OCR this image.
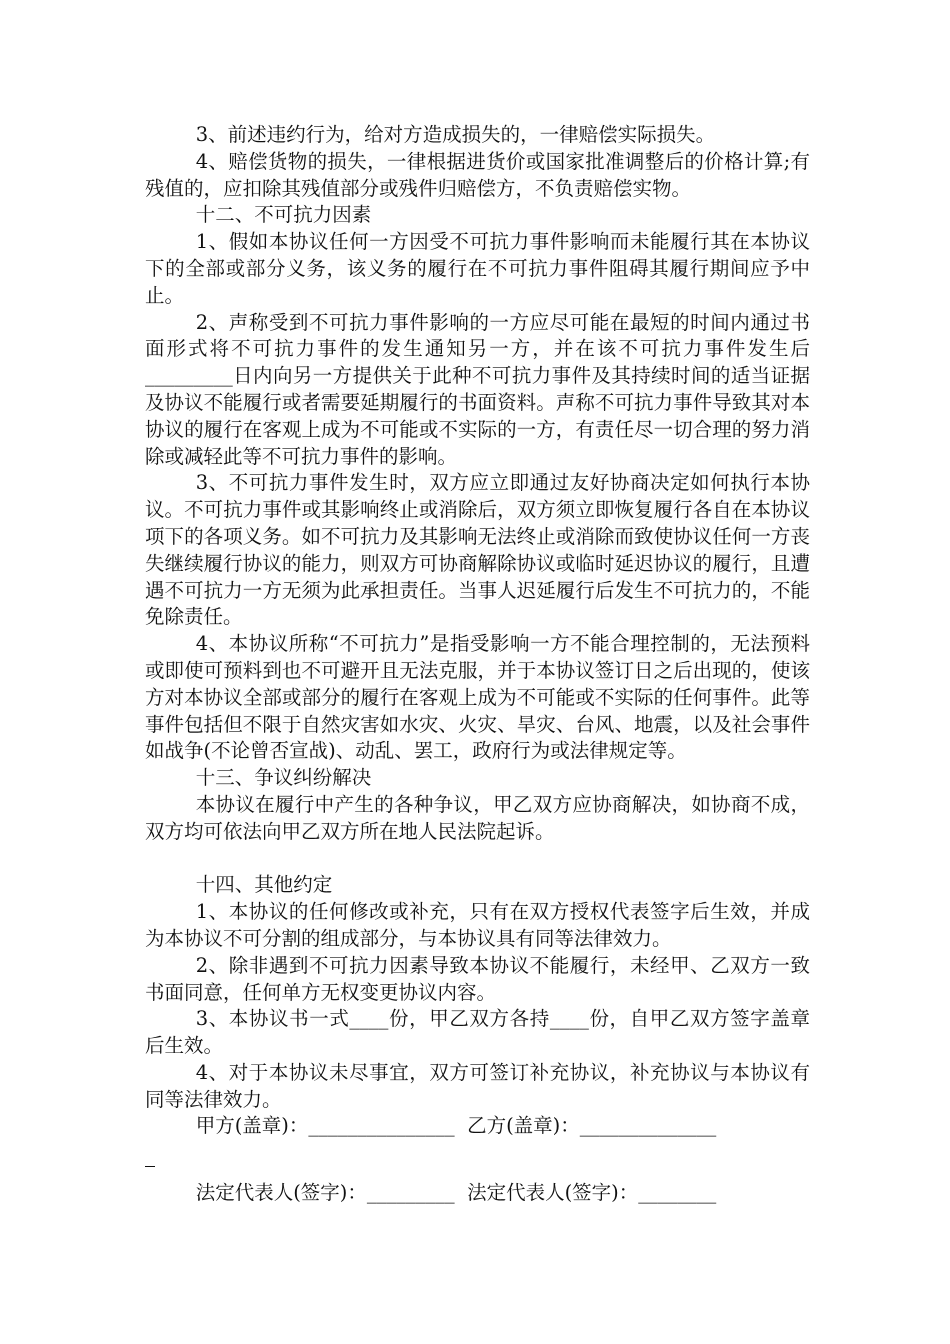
3、前述违约行为，给对方造成损失的，一律赔偿实际损失。

4、赔偿货物的损失，一律根据进货价或国家批准调整后的价格计算;有残值的，应扣除其残值部分或残件归赔偿方，不负责赔偿实物。

十二、不可抗力因素

1、假如本协议任何一方因受不可抗力事件影响而未能履行其在本协议下的全部或部分义务，该义务的履行在不可抗力事件阻碍其履行期间应予中止。

2、声称受到不可抗力事件影响的一方应尽可能在最短的时间内通过书面形式将不可抗力事件的发生通知另一方，并在该不可抗力事件发生后_________日内向另一方提供关于此种不可抗力事件及其持续时间的适当证据及协议不能履行或者需要延期履行的书面资料。声称不可抗力事件导致其对本协议的履行在客观上成为不可能或不实际的一方，有责任尽一切合理的努力消除或减轻此等不可抗力事件的影响。

3、不可抗力事件发生时，双方应立即通过友好协商决定如何执行本协议。不可抗力事件或其影响终止或消除后，双方须立即恢复履行各自在本协议项下的各项义务。如不可抗力及其影响无法终止或消除而致使协议任何一方丧失继续履行协议的能力，则双方可协商解除协议或临时延迟协议的履行，且遭遇不可抗力一方无须为此承担责任。当事人迟延履行后发生不可抗力的，不能免除责任。

4、本协议所称“不可抗力”是指受影响一方不能合理控制的，无法预料或即使可预料到也不可避开且无法克服，并于本协议签订日之后出现的，使该方对本协议全部或部分的履行在客观上成为不可能或不实际的任何事件。此等事件包括但不限于自然灾害如水灾、火灾、旱灾、台风、地震，以及社会事件如战争(不论曾否宣战)、动乱、罢工，政府行为或法律规定等。

十三、争议纠纷解决

本协议在履行中产生的各种争议，甲乙双方应协商解决，如协商不成，双方均可依法向甲乙双方所在地人民法院起诉。

十四、其他约定

1、本协议的任何修改或补充，只有在双方授权代表签字后生效，并成为本协议不可分割的组成部分，与本协议具有同等法律效力。

2、除非遇到不可抗力因素导致本协议不能履行，未经甲、乙双方一致书面同意，任何单方无权变更协议内容。

3、本协议书一式____份，甲乙双方各持____份，自甲乙双方签字盖章后生效。

4、对于本协议未尽事宜，双方可签订补充协议，补充协议与本协议有同等法律效力。

甲方(盖章)：_______________ 乙方(盖章)：______________
法定代表人(签字)：_________ 法定代表人(签字)：________
